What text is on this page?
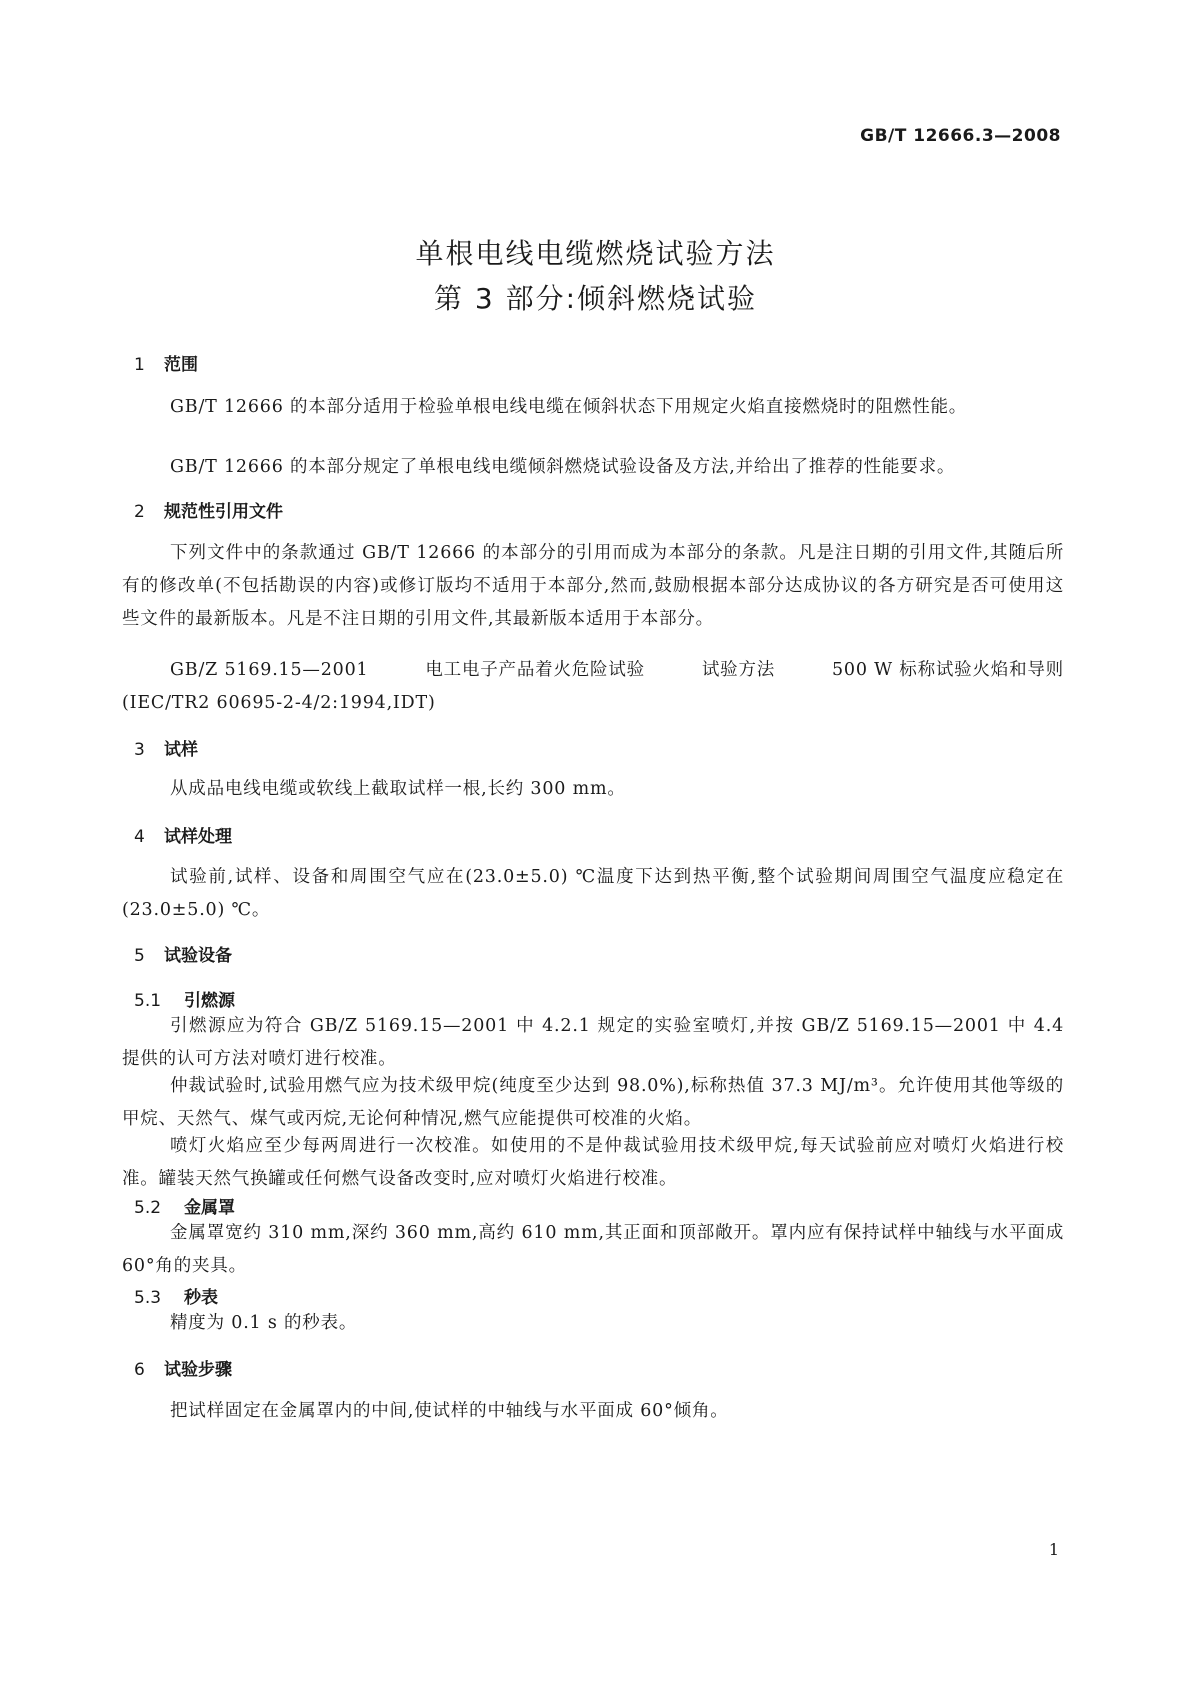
GB/T 12666.3—2008
单根电线电缆燃烧试验方法
第 3 部分:倾斜燃烧试验
1 范围
GB/T 12666 的本部分适用于检验单根电线电缆在倾斜状态下用规定火焰直接燃烧时的阻燃性能。
GB/T 12666 的本部分规定了单根电线电缆倾斜燃烧试验设备及方法,并给出了推荐的性能要求。
2 规范性引用文件
下列文件中的条款通过 GB/T 12666 的本部分的引用而成为本部分的条款。凡是注日期的引用文件,其随后所有的修改单(不包括勘误的内容)或修订版均不适用于本部分,然而,鼓励根据本部分达成协议的各方研究是否可使用这些文件的最新版本。凡是不注日期的引用文件,其最新版本适用于本部分。
GB/Z 5169.15—2001	电工电子产品着火危险试验	试验方法	500 W 标称试验火焰和导则
(IEC/TR2 60695-2-4/2:1994,IDT)
3 试样
从成品电线电缆或软线上截取试样一根,长约 300 mm。
4 试样处理
试验前,试样、设备和周围空气应在(23.0±5.0) ℃温度下达到热平衡,整个试验期间周围空气温度应稳定在(23.0±5.0) ℃。
5 试验设备
5.1 引燃源
引燃源应为符合 GB/Z 5169.15—2001 中 4.2.1 规定的实验室喷灯,并按 GB/Z 5169.15—2001 中 4.4 提供的认可方法对喷灯进行校准。
仲裁试验时,试验用燃气应为技术级甲烷(纯度至少达到 98.0%),标称热值 37.3 MJ/m³。允许使用其他等级的甲烷、天然气、煤气或丙烷,无论何种情况,燃气应能提供可校准的火焰。
喷灯火焰应至少每两周进行一次校准。如使用的不是仲裁试验用技术级甲烷,每天试验前应对喷灯火焰进行校准。罐装天然气换罐或任何燃气设备改变时,应对喷灯火焰进行校准。
5.2 金属罩
金属罩宽约 310 mm,深约 360 mm,高约 610 mm,其正面和顶部敞开。罩内应有保持试样中轴线与水平面成 60°角的夹具。
5.3 秒表
精度为 0.1 s 的秒表。
6 试验步骤
把试样固定在金属罩内的中间,使试样的中轴线与水平面成 60°倾角。
1
